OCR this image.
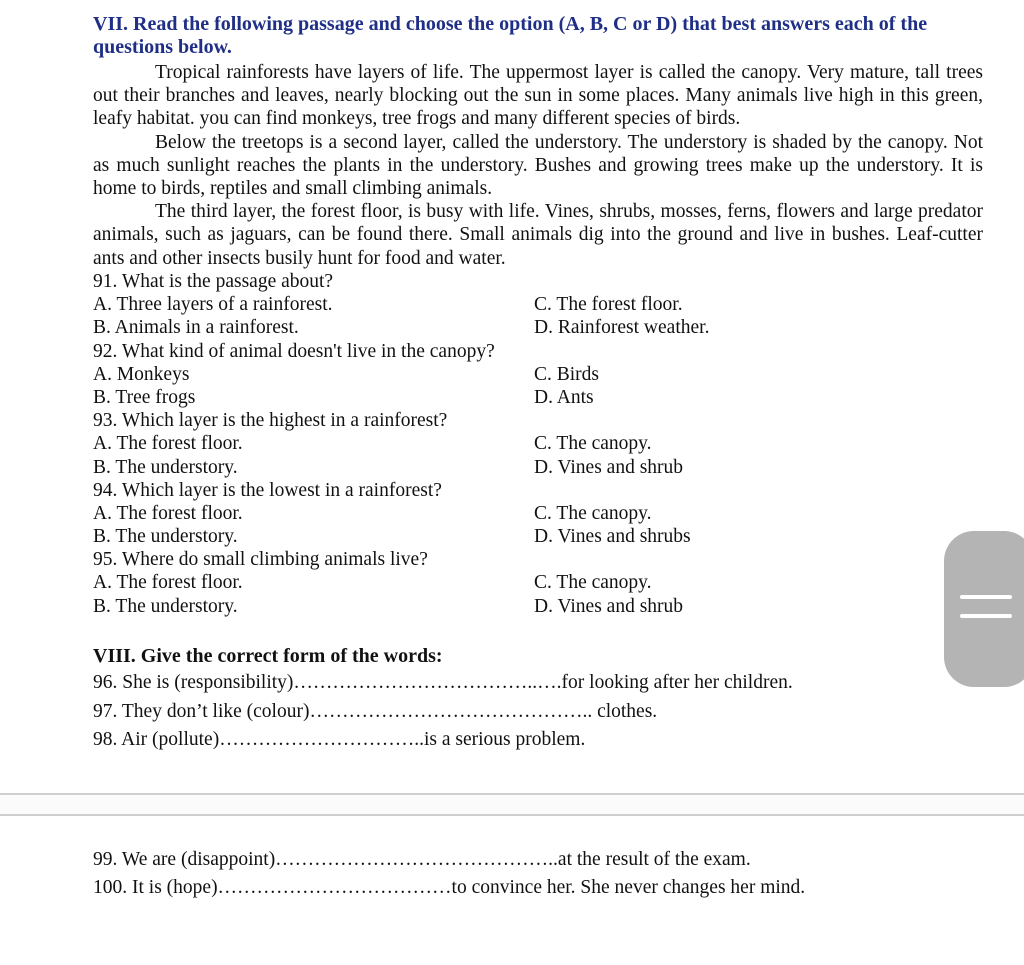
VII. Read the following passage and choose the option (A, B, C or D) that best answers each of the questions below.

Tropical rainforests have layers of life. The uppermost layer is called the canopy. Very mature, tall trees out their branches and leaves, nearly blocking out the sun in some places. Many animals live high in this green, leafy habitat. you can find monkeys, tree frogs and many different species of birds.

Below the treetops is a second layer, called the understory. The understory is shaded by the canopy. Not as much sunlight reaches the plants in the understory. Bushes and growing trees make up the understory. It is home to birds, reptiles and small climbing animals.

The third layer, the forest floor, is busy with life. Vines, shrubs, mosses, ferns, flowers and large predator animals, such as jaguars, can be found there. Small animals dig into the ground and live in bushes. Leaf-cutter ants and other insects busily hunt for food and water.

91. What is the passage about?
A. Three layers of a rainforest.	C. The forest floor.
B. Animals in a rainforest.	D. Rainforest weather.
92. What kind of animal doesn't live in the canopy?
A. Monkeys	C. Birds
B. Tree frogs	D. Ants
93. Which layer is the highest in a rainforest?
A. The forest floor.	C. The canopy.
B. The understory.	D. Vines and shrub
94. Which layer is the lowest in a rainforest?
A. The forest floor.	C. The canopy.
B. The understory.	D. Vines and shrubs
95. Where do small climbing animals live?
A. The forest floor.	C. The canopy.
B. The understory.	D. Vines and shrub
VIII. Give the correct form of the words:
96. She is (responsibility)………………………………..….for looking after her children.
97. They don’t like (colour)…………………………………….. clothes.
98. Air (pollute)…………………………..is a serious problem.
99. We are (disappoint)……………………………………..at the result of the exam.
100. It is (hope)………………………………to convince her. She never changes her mind.
